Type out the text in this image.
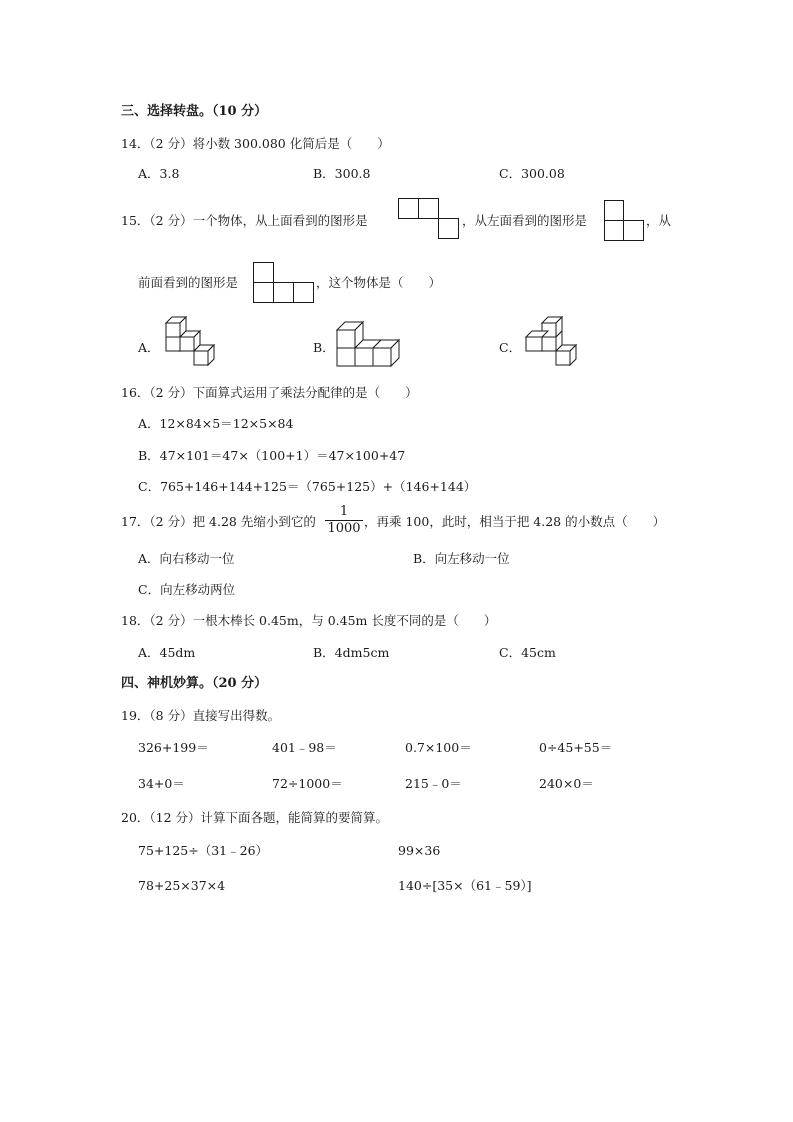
三、选择转盘。（10 分）
14．（2 分）将小数 300.080 化简后是（　　）
A．3.8	B．300.8	C．300.08
15．（2 分）一个物体，从上面看到的图形是	，从左面看到的图形是	，从
前面看到的图形是	，这个物体是（　　）
A．	B．	C．
16．（2 分）下面算式运用了乘法分配律的是（　　）
A．12×84×5＝12×5×84
B．47×101＝47×（100+1）＝47×100+47
C．765+146+144+125＝（765+125）+（146+144）
17．（2 分）把 4.28 先缩小到它的
1
1000 ，再乘 100，此时，相当于把 4.28 的小数点（　　）
A．向右移动一位	B．向左移动一位
C．向左移动两位
18．（2 分）一根木棒长 0.45m，与 0.45m 长度不同的是（　　）
A．45dm	B．4dm5cm	C．45cm
四、神机妙算。（20 分）
19．（8 分）直接写出得数。
326+199＝	401﹣98＝	0.7×100＝	0÷45+55＝
34+0＝	72÷1000＝	215﹣0＝	240×0＝
20．（12 分）计算下面各题，能简算的要简算。
75+125÷（31﹣26）	99×36
78+25×37×4	140÷[35×（61﹣59）]
